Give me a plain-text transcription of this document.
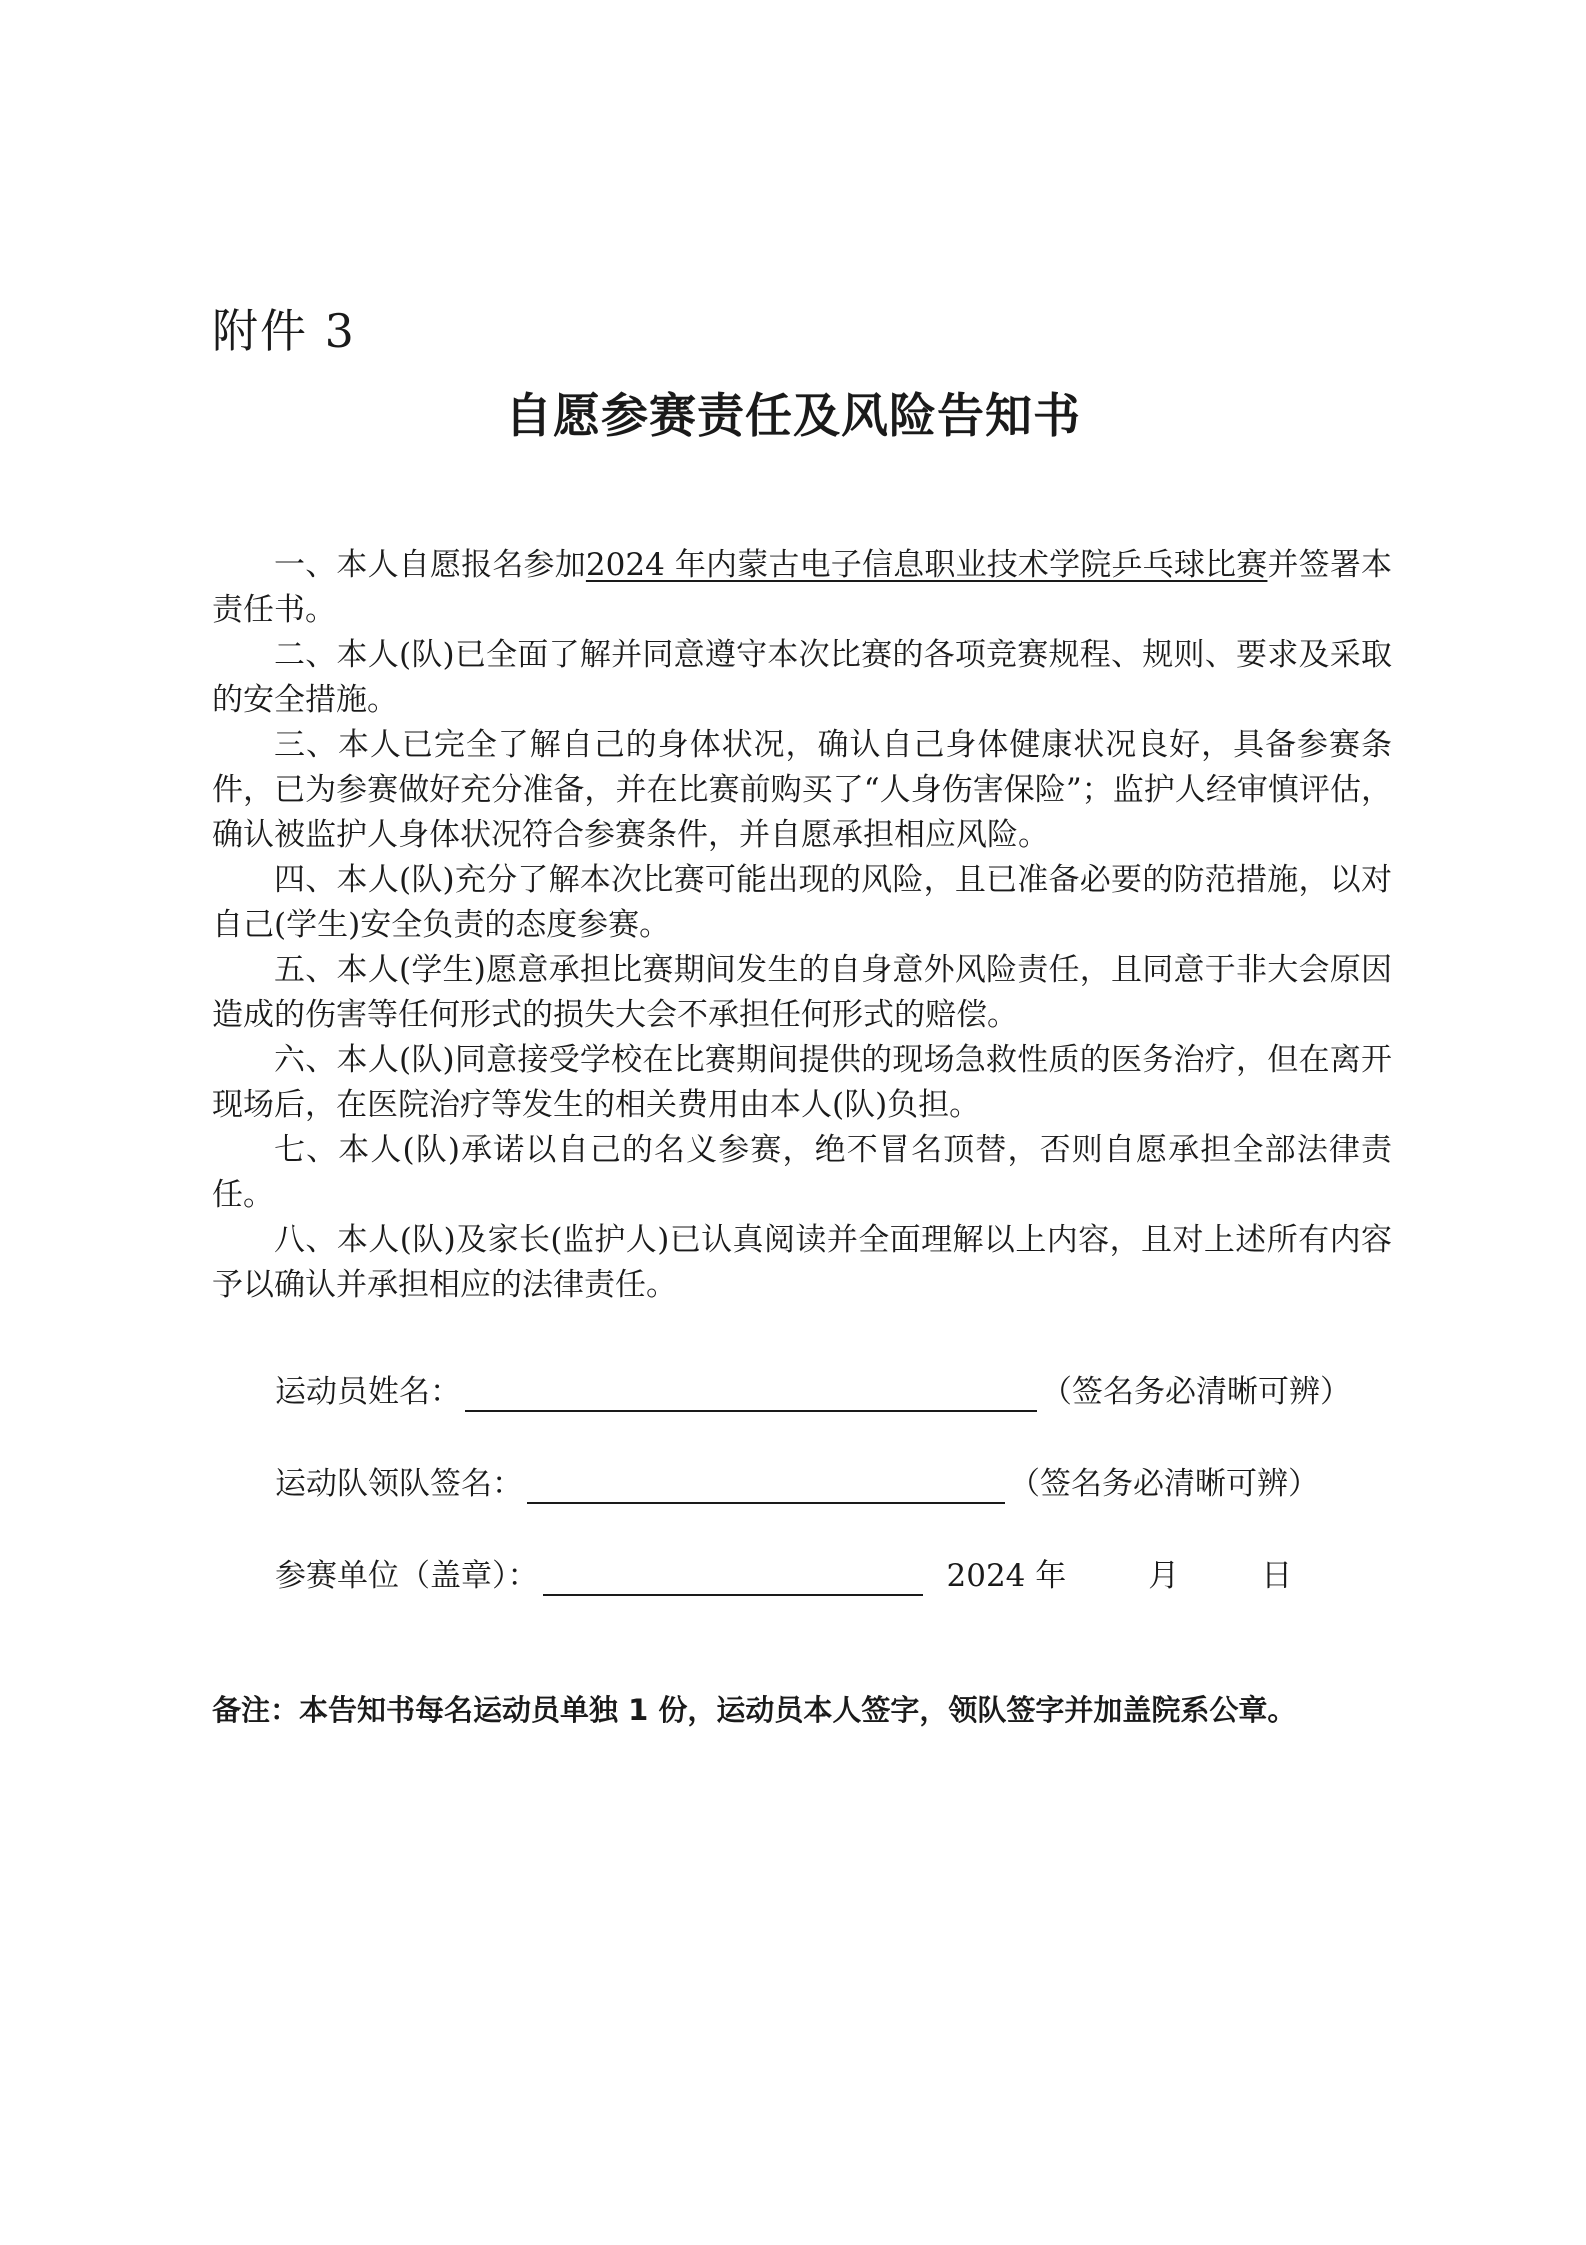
附件 3
自愿参赛责任及风险告知书

一、本人自愿报名参加2024 年内蒙古电子信息职业技术学院乒乓球比赛并签署本责任书。

二、本人(队)已全面了解并同意遵守本次比赛的各项竞赛规程、规则、要求及采取的安全措施。

三、本人已完全了解自己的身体状况，确认自己身体健康状况良好，具备参赛条件，已为参赛做好充分准备，并在比赛前购买了“人身伤害保险”；监护人经审慎评估，确认被监护人身体状况符合参赛条件，并自愿承担相应风险。

四、本人(队)充分了解本次比赛可能出现的风险，且已准备必要的防范措施，以对自己(学生)安全负责的态度参赛。

五、本人(学生)愿意承担比赛期间发生的自身意外风险责任，且同意于非大会原因造成的伤害等任何形式的损失大会不承担任何形式的赔偿。

六、本人(队)同意接受学校在比赛期间提供的现场急救性质的医务治疗，但在离开现场后，在医院治疗等发生的相关费用由本人(队)负担。

七、本人(队)承诺以自己的名义参赛，绝不冒名顶替，否则自愿承担全部法律责任。

八、本人(队)及家长(监护人)已认真阅读并全面理解以上内容，且对上述所有内容予以确认并承担相应的法律责任。

运动员姓名：	（签名务必清晰可辨）
运动队领队签名：	（签名务必清晰可辨）
参赛单位（盖章）：	2024 年	月	日
备注：本告知书每名运动员单独 1 份，运动员本人签字，领队签字并加盖院系公章。
